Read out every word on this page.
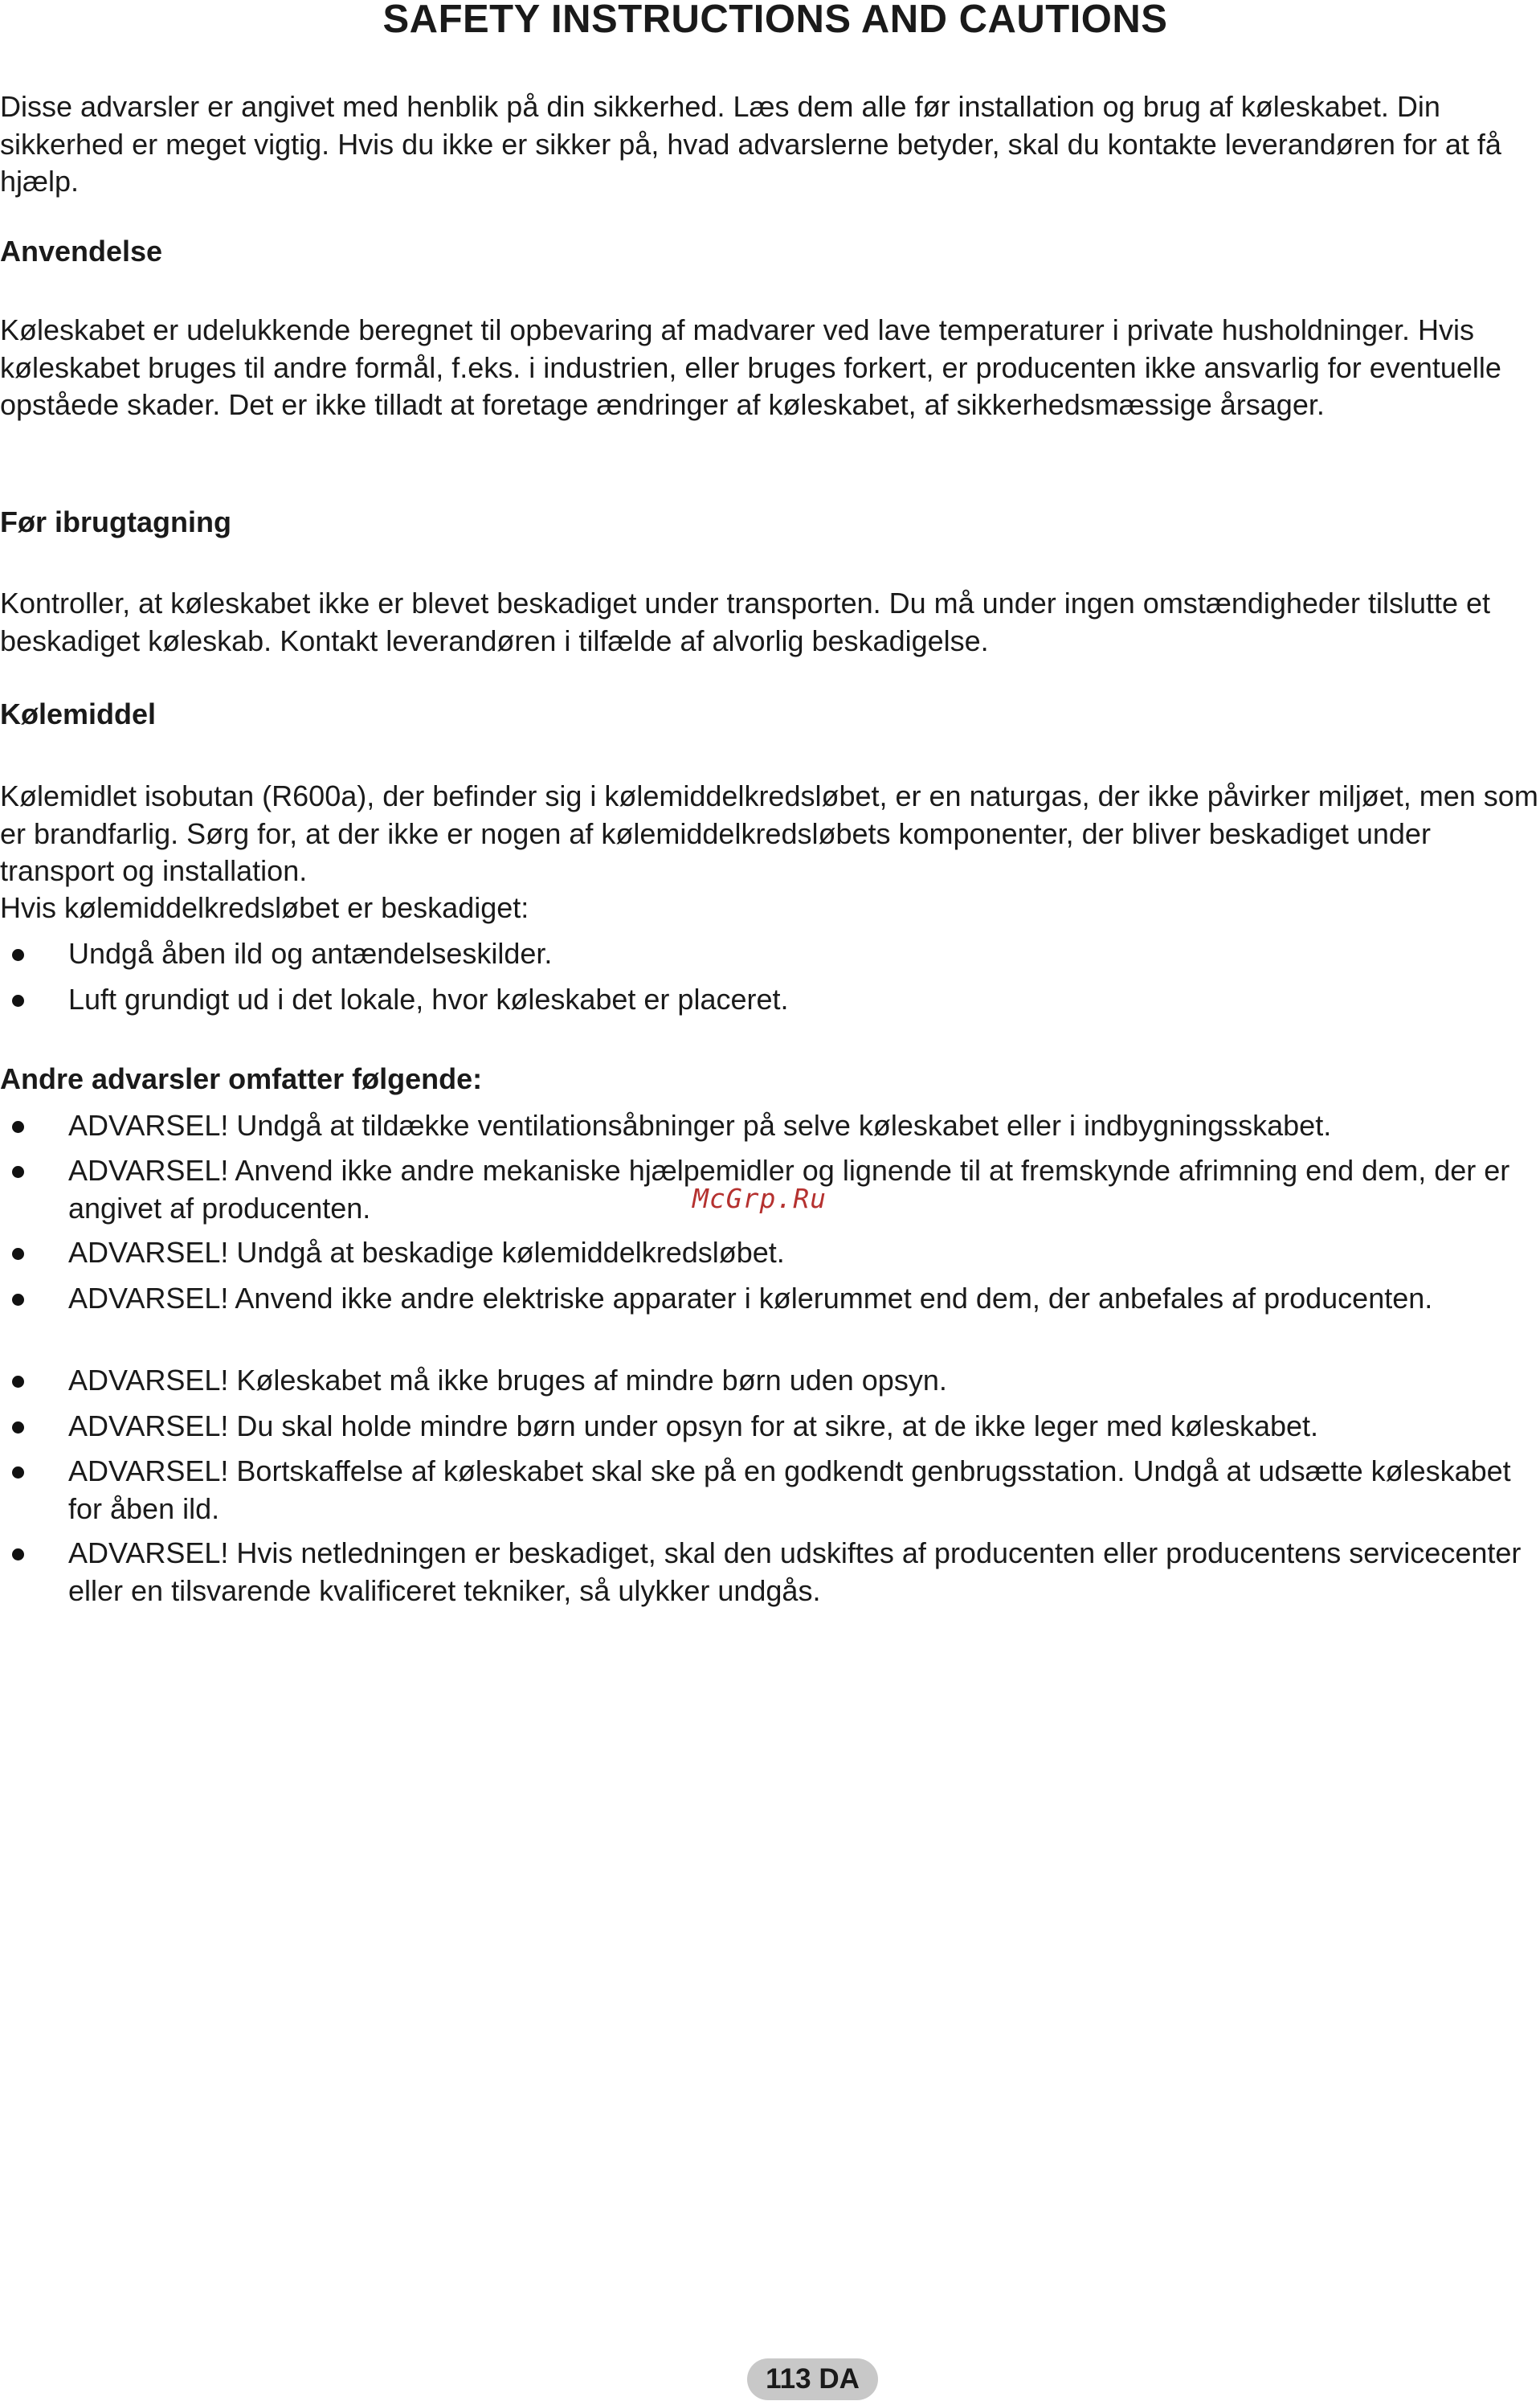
SAFETY INSTRUCTIONS AND CAUTIONS

Disse advarsler er angivet med henblik på din sikkerhed. Læs dem alle før installation og brug af køleskabet. Din sikkerhed er meget vigtig. Hvis du ikke er sikker på, hvad advarslerne betyder, skal du kontakte leverandøren for at få hjælp.

Anvendelse

Køleskabet er udelukkende beregnet til opbevaring af madvarer ved lave temperaturer i private husholdninger. Hvis køleskabet bruges til andre formål, f.eks. i industrien, eller bruges forkert, er producenten ikke ansvarlig for eventuelle opståede skader. Det er ikke tilladt at foretage ændringer af køleskabet, af sikkerhedsmæssige årsager.

Før ibrugtagning

Kontroller, at køleskabet ikke er blevet beskadiget under transporten. Du må under ingen omstændigheder tilslutte et beskadiget køleskab. Kontakt leverandøren i tilfælde af alvorlig beskadigelse.

Kølemiddel

Kølemidlet isobutan (R600a), der befinder sig i kølemiddelkredsløbet, er en naturgas, der ikke påvirker miljøet, men som er brandfarlig. Sørg for, at der ikke er nogen af kølemiddelkredsløbets komponenter, der bliver beskadiget under transport og installation.

Hvis kølemiddelkredsløbet er beskadiget:

Undgå åben ild og antændelseskilder.
Luft grundigt ud i det lokale, hvor køleskabet er placeret.
Andre advarsler omfatter følgende:
ADVARSEL! Undgå at tildække ventilationsåbninger på selve køleskabet eller i indbygningsskabet.
ADVARSEL! Anvend ikke andre mekaniske hjælpemidler og lignende til at fremskynde afrimning end dem, der er angivet af producenten.
ADVARSEL! Undgå at beskadige kølemiddelkredsløbet.
ADVARSEL! Anvend ikke andre elektriske apparater i kølerummet end dem, der anbefales af producenten.
ADVARSEL! Køleskabet må ikke bruges af mindre børn uden opsyn.
ADVARSEL! Du skal holde mindre børn under opsyn for at sikre, at de ikke leger med køleskabet.
ADVARSEL! Bortskaffelse af køleskabet skal ske på en godkendt genbrugsstation. Undgå at udsætte køleskabet for åben ild.
ADVARSEL! Hvis netledningen er beskadiget, skal den udskiftes af producenten eller producentens servicecenter eller en tilsvarende kvalificeret tekniker, så ulykker undgås.
McGrp.Ru
113 DA
